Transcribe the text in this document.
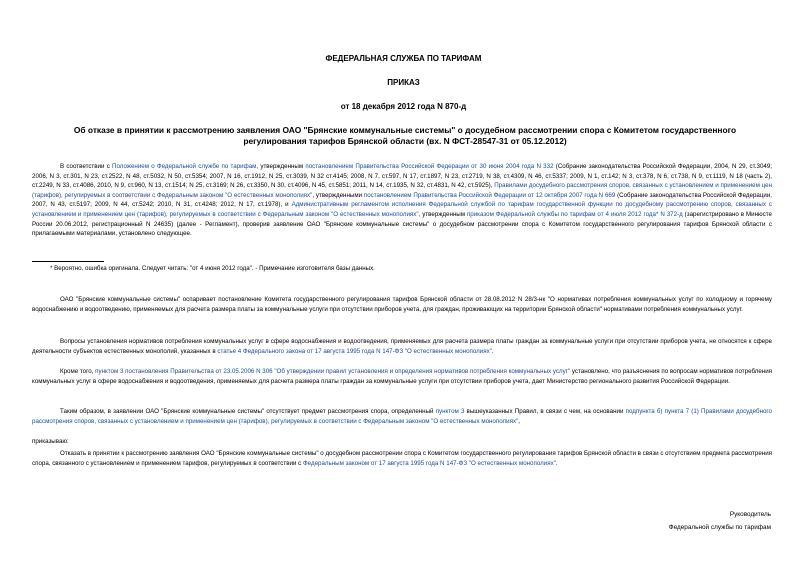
ФЕДЕРАЛЬНАЯ СЛУЖБА ПО ТАРИФАМ
ПРИКАЗ
от 18 декабря 2012 года N 870-д
Об отказе в принятии к рассмотрению заявления ОАО "Брянские коммунальные системы" о досудебном рассмотрении спора с Комитетом государственного
регулирования тарифов Брянской области (вх. N ФСТ-28547-31 от 05.12.2012)
В соответствии с Положением о Федеральной службе по тарифам, утвержденным постановлением Правительства Российской Федерации от 30 июня 2004 года N 332 (Собрание законодательства Российской Федерации, 2004, N 29, ст.3049; 2006, N 3, ст.301, N 23, ст.2522, N 48, ст.5032, N 50, ст.5354; 2007, N 16, ст.1912, N 25, ст.3039, N 32 ст.4145; 2008, N 7, ст.597, N 17, ст.1897, N 23, ст.2719, N 38, ст.4309, N 46, ст.5337; 2009, N 1, ст.142; N 3, ст.378, N 6, ст.738, N 9, ст.1119, N 18 (часть 2), ст.2249, N 33, ст.4086, 2010, N 9, ст.960, N 13, ст.1514; N 25, ст.3169; N 26, ст.3350, N 30, ст.4096, N 45, ст.5851; 2011, N 14, ст.1935, N 32, ст.4831, N 42, ст.5925), Правилами досудебного рассмотрения споров, связанных с установлением и применением цен (тарифов), регулируемых в соответствии с Федеральным законом "О естественных монополиях", утвержденными постановлением Правительства Российской Федерации от 12 октября 2007 года N 669 (Собрание законодательства Российской Федерации, 2007, N 43, ст.5197; 2009, N 44, ст.5242; 2010, N 31, ст.4248; 2012, N 17, ст.1978), и Административным регламентом исполнения Федеральной службой по тарифам государственной функции по досудебному рассмотрению споров, связанных с установлением и применением цен (тарифов), регулируемых в соответствии с Федеральным законом "О естественных монополиях", утвержденным приказом Федеральной службы по тарифам от 4 июля 2012 года* N 372-д (зарегистрировано в Минюсте России 20.06.2012, регистрационный N 24635) (далее - Регламент), проверив заявление ОАО "Брянские коммунальные системы" о досудебном рассмотрении спора с Комитетом государственного регулирования тарифов Брянской области с прилагаемыми материалами, установлено следующее.
* Вероятно, ошибка оригинала. Следует читать: "от 4 июня 2012 года". - Примечание изготовителя базы данных.
ОАО "Брянские коммунальные системы" оспаривает постановление Комитета государственного регулирования тарифов Брянской области от 28.08.2012 N 28/3-нк "О нормативах потребления коммунальных услуг по холодному и горячему водоснабжению и водоотведению, применяемых для расчета размера платы за коммунальные услуги при отсутствии приборов учета, для граждан, проживающих на территории Брянской области" нормативами потребления коммунальных услуг.
Вопросы установления нормативов потребления коммунальных услуг в сфере водоснабжения и водоотведения, применяемых для расчета размера платы граждан за коммунальные услуги при отсутствии приборов учета, не относятся к сфере деятельности субъектов естественных монополий, указанных в статье 4 Федерального закона от 17 августа 1995 года N 147-ФЗ "О естественных монополиях".
Кроме того, пунктом 3 постановления Правительства от 23.05.2006 N 306 "Об утверждении правил установления и определения нормативов потребления коммунальных услуг" установлено, что разъяснения по вопросам нормативов потребления коммунальных услуг в сфере водоснабжения и водоотведения, применяемых для расчета размера платы граждан за коммунальные услуги при отсутствии приборов учета, дает Министерство регионального развития Российской Федерации.
Таким образом, в заявлении ОАО "Брянские коммунальные системы" отсутствует предмет рассмотрения спора, определенный пунктом 3 вышеуказанных Правил, в связи с чем, на основании подпункта б) пункта 7 (1) Правилами досудебного рассмотрения споров, связанных с установлением и применением цен (тарифов), регулируемых в соответствии с Федеральным законом "О естественных монополиях",
приказываю:
Отказать в принятии к рассмотрению заявления ОАО "Брянские коммунальные системы" о досудебном рассмотрении спора с Комитетом государственного регулирования тарифов Брянской области в связи с отсутствием предмета рассмотрения спора, связанного с установлением и применением тарифов, регулируемых в соответствии с Федеральным законом от 17 августа 1995 года N 147-ФЗ "О естественных монополиях".
Руководитель
Федеральной службы по тарифам
